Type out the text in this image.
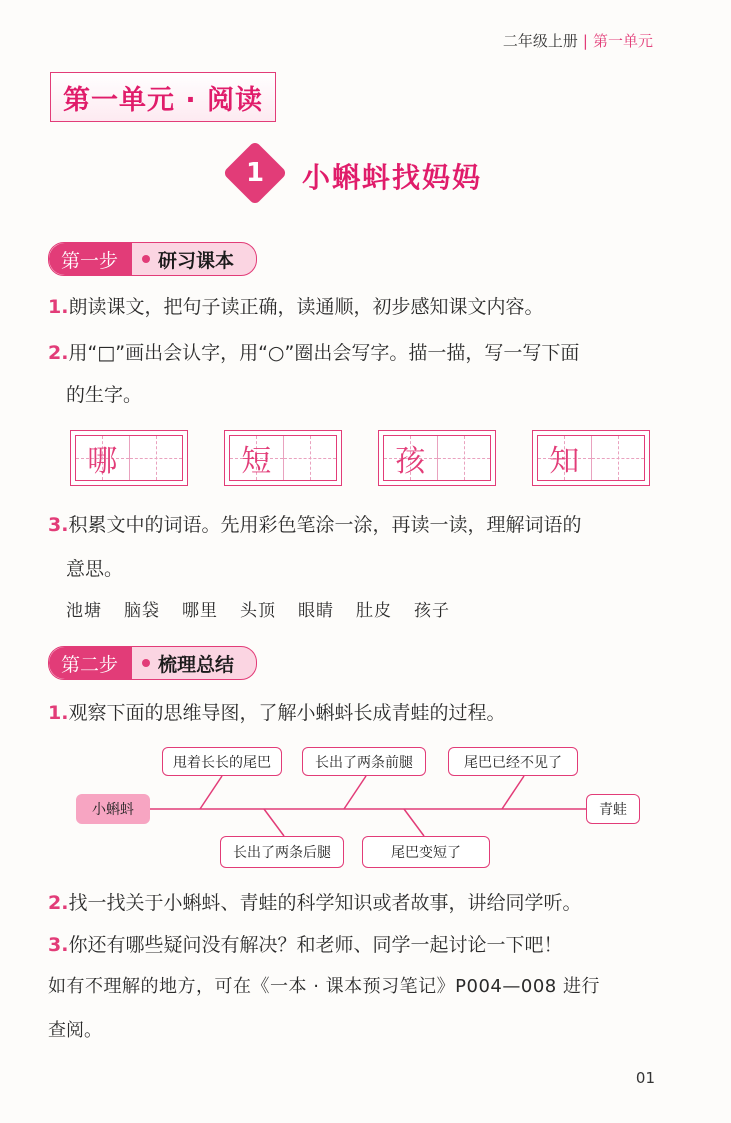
二年级上册 | 第一单元
第一单元 · 阅读
1	小蝌蚪找妈妈
第一步	研习课本
1.朗读课文，把句子读正确，读通顺，初步感知课文内容。
2.用“□”画出会认字，用“○”圈出会写字。描一描，写一写下面
的生字。
哪	短	孩	知
3.积累文中的词语。先用彩色笔涂一涂，再读一读，理解词语的
意思。
池塘 脑袋 哪里 头顶 眼睛 肚皮 孩子
第二步	梳理总结
1.观察下面的思维导图，了解小蝌蚪长成青蛙的过程。
小蝌蚪	青蛙
甩着长长的尾巴	长出了两条前腿	尾巴已经不见了
长出了两条后腿	尾巴变短了
2.找一找关于小蝌蚪、青蛙的科学知识或者故事，讲给同学听。
3.你还有哪些疑问没有解决？和老师、同学一起讨论一下吧！
如有不理解的地方，可在《一本 · 课本预习笔记》P004—008 进行
查阅。
01
